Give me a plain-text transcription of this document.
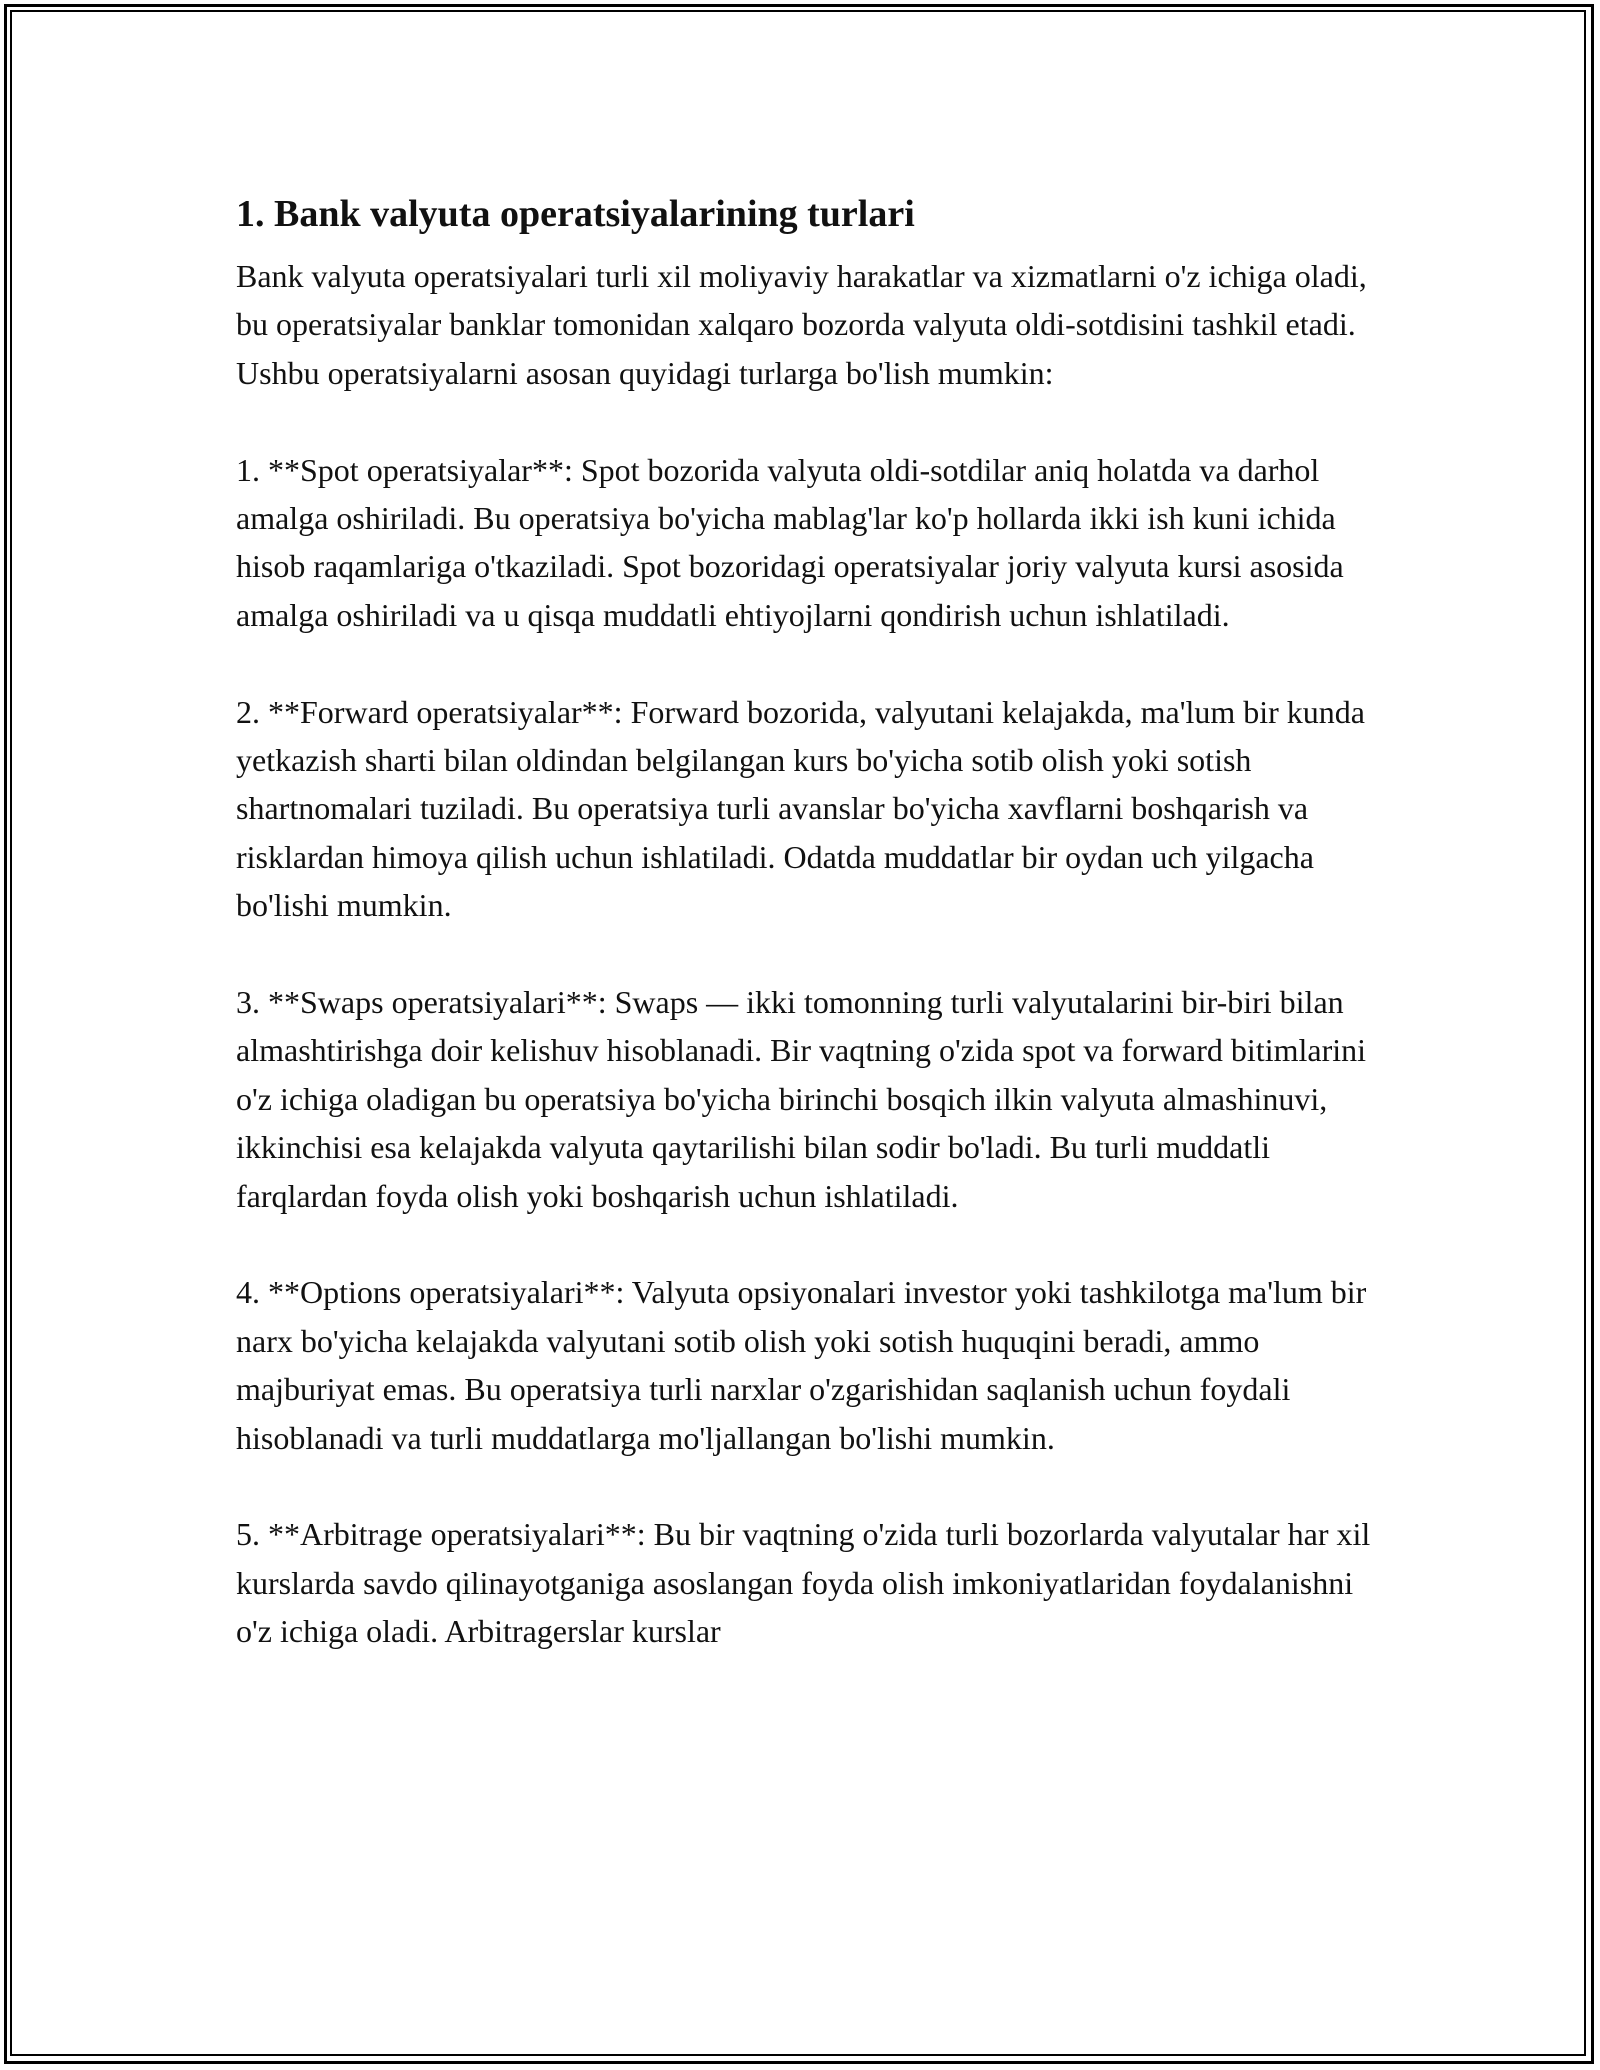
1. Bank valyuta operatsiyalarining turlari

Bank valyuta operatsiyalari turli xil moliyaviy harakatlar va xizmatlarni o'z ichiga oladi, bu operatsiyalar banklar tomonidan xalqaro bozorda valyuta oldi-sotdisini tashkil etadi. Ushbu operatsiyalarni asosan quyidagi turlarga bo'lish mumkin:

1. **Spot operatsiyalar**: Spot bozorida valyuta oldi-sotdilar aniq holatda va darhol amalga oshiriladi. Bu operatsiya bo'yicha mablag'lar ko'p hollarda ikki ish kuni ichida hisob raqamlariga o'tkaziladi. Spot bozoridagi operatsiyalar joriy valyuta kursi asosida amalga oshiriladi va u qisqa muddatli ehtiyojlarni qondirish uchun ishlatiladi.

2. **Forward operatsiyalar**: Forward bozorida, valyutani kelajakda, ma'lum bir kunda yetkazish sharti bilan oldindan belgilangan kurs bo'yicha sotib olish yoki sotish shartnomalari tuziladi. Bu operatsiya turli avanslar bo'yicha xavflarni boshqarish va risklardan himoya qilish uchun ishlatiladi. Odatda muddatlar bir oydan uch yilgacha bo'lishi mumkin.

3. **Swaps operatsiyalari**: Swaps — ikki tomonning turli valyutalarini bir-biri bilan almashtirishga doir kelishuv hisoblanadi. Bir vaqtning o'zida spot va forward bitimlarini o'z ichiga oladigan bu operatsiya bo'yicha birinchi bosqich ilkin valyuta almashinuvi, ikkinchisi esa kelajakda valyuta qaytarilishi bilan sodir bo'ladi. Bu turli muddatli farqlardan foyda olish yoki boshqarish uchun ishlatiladi.

4. **Options operatsiyalari**: Valyuta opsiyonalari investor yoki tashkilotga ma'lum bir narx bo'yicha kelajakda valyutani sotib olish yoki sotish huquqini beradi, ammo majburiyat emas. Bu operatsiya turli narxlar o'zgarishidan saqlanish uchun foydali hisoblanadi va turli muddatlarga mo'ljallangan bo'lishi mumkin.

5. **Arbitrage operatsiyalari**: Bu bir vaqtning o'zida turli bozorlarda valyutalar har xil kurslarda savdo qilinayotganiga asoslangan foyda olish imkoniyatlaridan foydalanishni o'z ichiga oladi. Arbitragerslar kurslar
